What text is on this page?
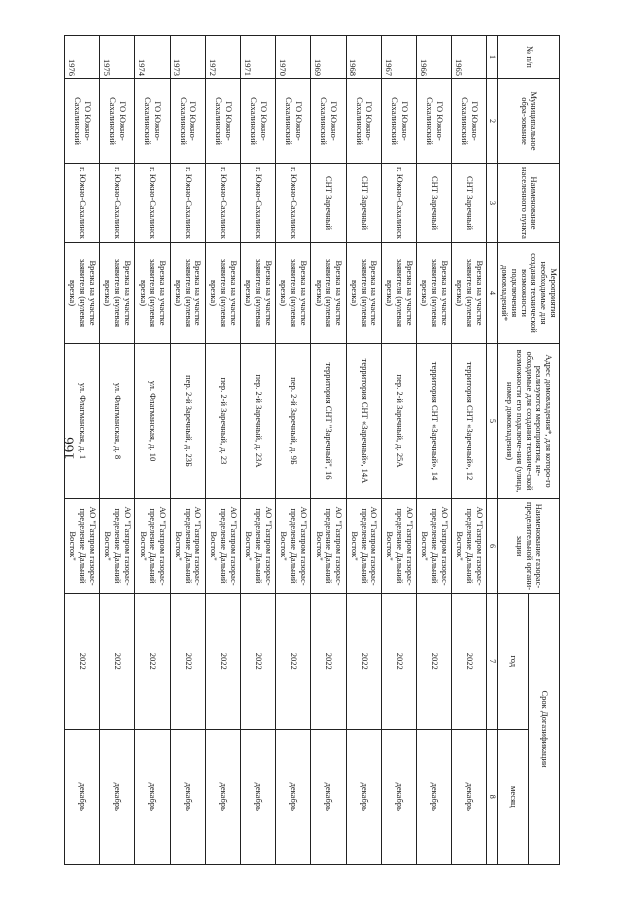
166
№ п/п	Муниципальное обра-зование	Наименование населенного пункта	Мероприятия необходимые для создания технической возможности подключения домовладений*	Адрес домовладения*, для которо-го реализуются мероприятия, не-обходимые для создания техниче-ской возможности его подключе-ния (улица, номер домовладения)	Наименование газорас-пределительной органи-зации	Срок Догазификации	
						год	месяц
1	2	3	4	5	6	7	8
1965	ГО Южно-Сахалинский	СНТ Заречный	Врезка на участке заявителя (нулевая врезка)	территория СНТ «Заречный», 12	АО "Газпром газорас-пределение Дальний Восток"	2022	декабрь
1966	ГО Южно-Сахалинский	СНТ Заречный	Врезка на участке заявителя (нулевая врезка)	территория СНТ «Заречный», 14	АО "Газпром газорас-пределение Дальний Восток"	2022	декабрь
1967	ГО Южно-Сахалинский	г. Южно-Сахалинск	Врезка на участке заявителя (нулевая врезка)	пер. 2-й Заречный, д. 25А	АО "Газпром газорас-пределение Дальний Восток"	2022	декабрь
1968	ГО Южно-Сахалинский	СНТ Заречный	Врезка на участке заявителя (нулевая врезка)	территория СНТ «Заречный», 14А	АО "Газпром газорас-пределение Дальний Восток"	2022	декабрь
1969	ГО Южно-Сахалинский	СНТ Заречный	Врезка на участке заявителя (нулевая врезка)	территория СНТ "Заречный", 16	АО "Газпром газорас-пределение Дальний Восток"	2022	декабрь
1970	ГО Южно-Сахалинский	г. Южно-Сахалинск	Врезка на участке заявителя (нулевая врезка)	пер. 2-й Заречный, д. 9Б	АО "Газпром газорас-пределение Дальний Восток"	2022	декабрь
1971	ГО Южно-Сахалинский	г. Южно-Сахалинск	Врезка на участке заявителя (нулевая врезка)	пер. 2-й Заречный, д. 23А	АО "Газпром газорас-пределение Дальний Восток"	2022	декабрь
1972	ГО Южно-Сахалинский	г. Южно-Сахалинск	Врезка на участке заявителя (нулевая врезка)	пер. 2-й Заречный, д. 23	АО "Газпром газорас-пределение Дальний Восток"	2022	декабрь
1973	ГО Южно-Сахалинский	г. Южно-Сахалинск	Врезка на участке заявителя (нулевая врезка)	пер. 2-й Заречный, д. 23Б	АО "Газпром газорас-пределение Дальний Восток"	2022	декабрь
1974	ГО Южно-Сахалинский	г. Южно-Сахалинск	Врезка на участке заявителя (нулевая врезка)	ул. Флагманская, д. 10	АО "Газпром газорас-пределение Дальний Восток"	2022	декабрь
1975	ГО Южно-Сахалинский	г. Южно-Сахалинск	Врезка на участке заявителя (нулевая врезка)	ул. Флагманская, д. 8	АО "Газпром газорас-пределение Дальний Восток"	2022	декабрь
1976	ГО Южно-Сахалинский	г. Южно-Сахалинск	Врезка на участке заявителя (нулевая врезка)	ул. Флагманская, д. 1	АО "Газпром газорас-пределение Дальний Восток"	2022	декабрь
